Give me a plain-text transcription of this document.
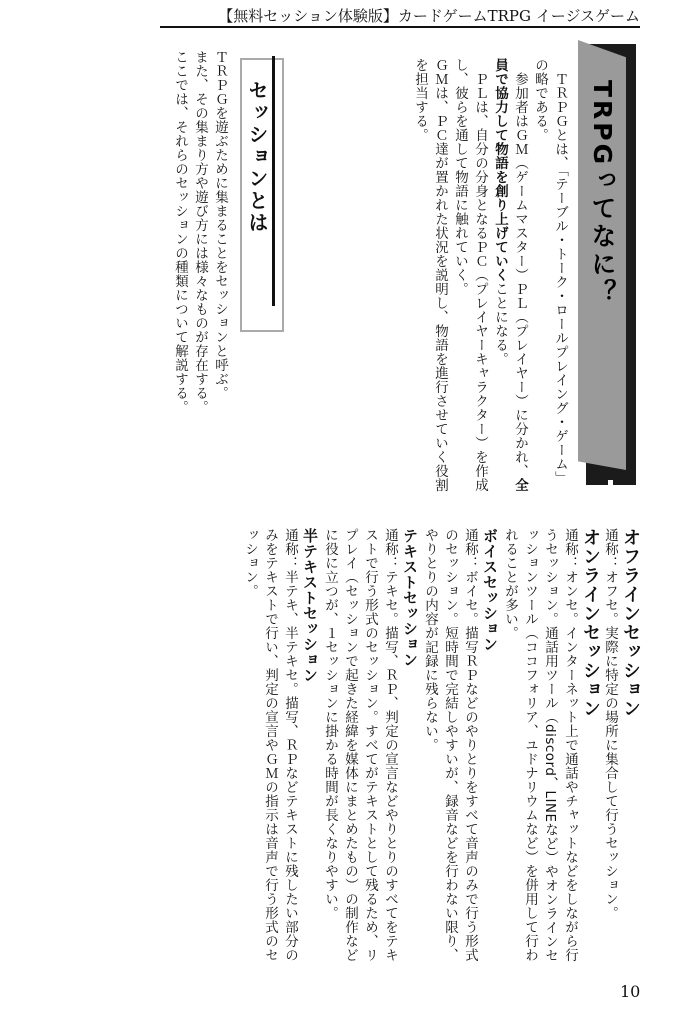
【無料セッション体験版】カードゲームTRPG イージスゲーム
TRPGってなに？

ＴＲＰＧとは、「テーブル・トーク・ロールプレイング・ゲーム」の略である。

参加者はＧＭ（ゲームマスター）ＰＬ（プレイヤー）に分かれ、全員で協力して物語を創り上げていくことになる。

ＰＬは、自分の分身となるＰＣ（プレイヤーキャラクター）を作成し、彼らを通して物語に触れていく。

ＧＭは、ＰＣ達が置かれた状況を説明し、物語を進行させていく役割を担当する。

セッションとは

ＴＲＰＧを遊ぶために集まることをセッションと呼ぶ。

また、その集まり方や遊び方には様々なものが存在する。

ここでは、それらのセッションの種類について解説する。

オフラインセッション

通称：オフセ。実際に特定の場所に集合して行うセッション。

オンラインセッション

通称：オンセ。インターネット上で通話やチャットなどをしながら行うセッション。通話用ツール（discord、LINEなど）やオンラインセッションツール（ココフォリア、ユドナリウムなど）を併用して行われることが多い。

ボイスセッション

通称：ボイセ。描写ＲＰなどのやりとりをすべて音声のみで行う形式のセッション。短時間で完結しやすいが、録音などを行わない限り、やりとりの内容が記録に残らない。

テキストセッション

通称：テキセ。描写、ＲＰ、判定の宣言などやりとりのすべてをテキストで行う形式のセッション。すべてがテキストとして残るため、リプレイ（セッションで起きた経緯を媒体にまとめたもの）の制作などに役に立つが、１セッションに掛かる時間が長くなりやすい。

半テキストセッション

通称：半テキ、半テキセ。描写、ＲＰなどテキストに残したい部分のみをテキストで行い、判定の宣言やＧＭの指示は音声で行う形式のセッション。

10
